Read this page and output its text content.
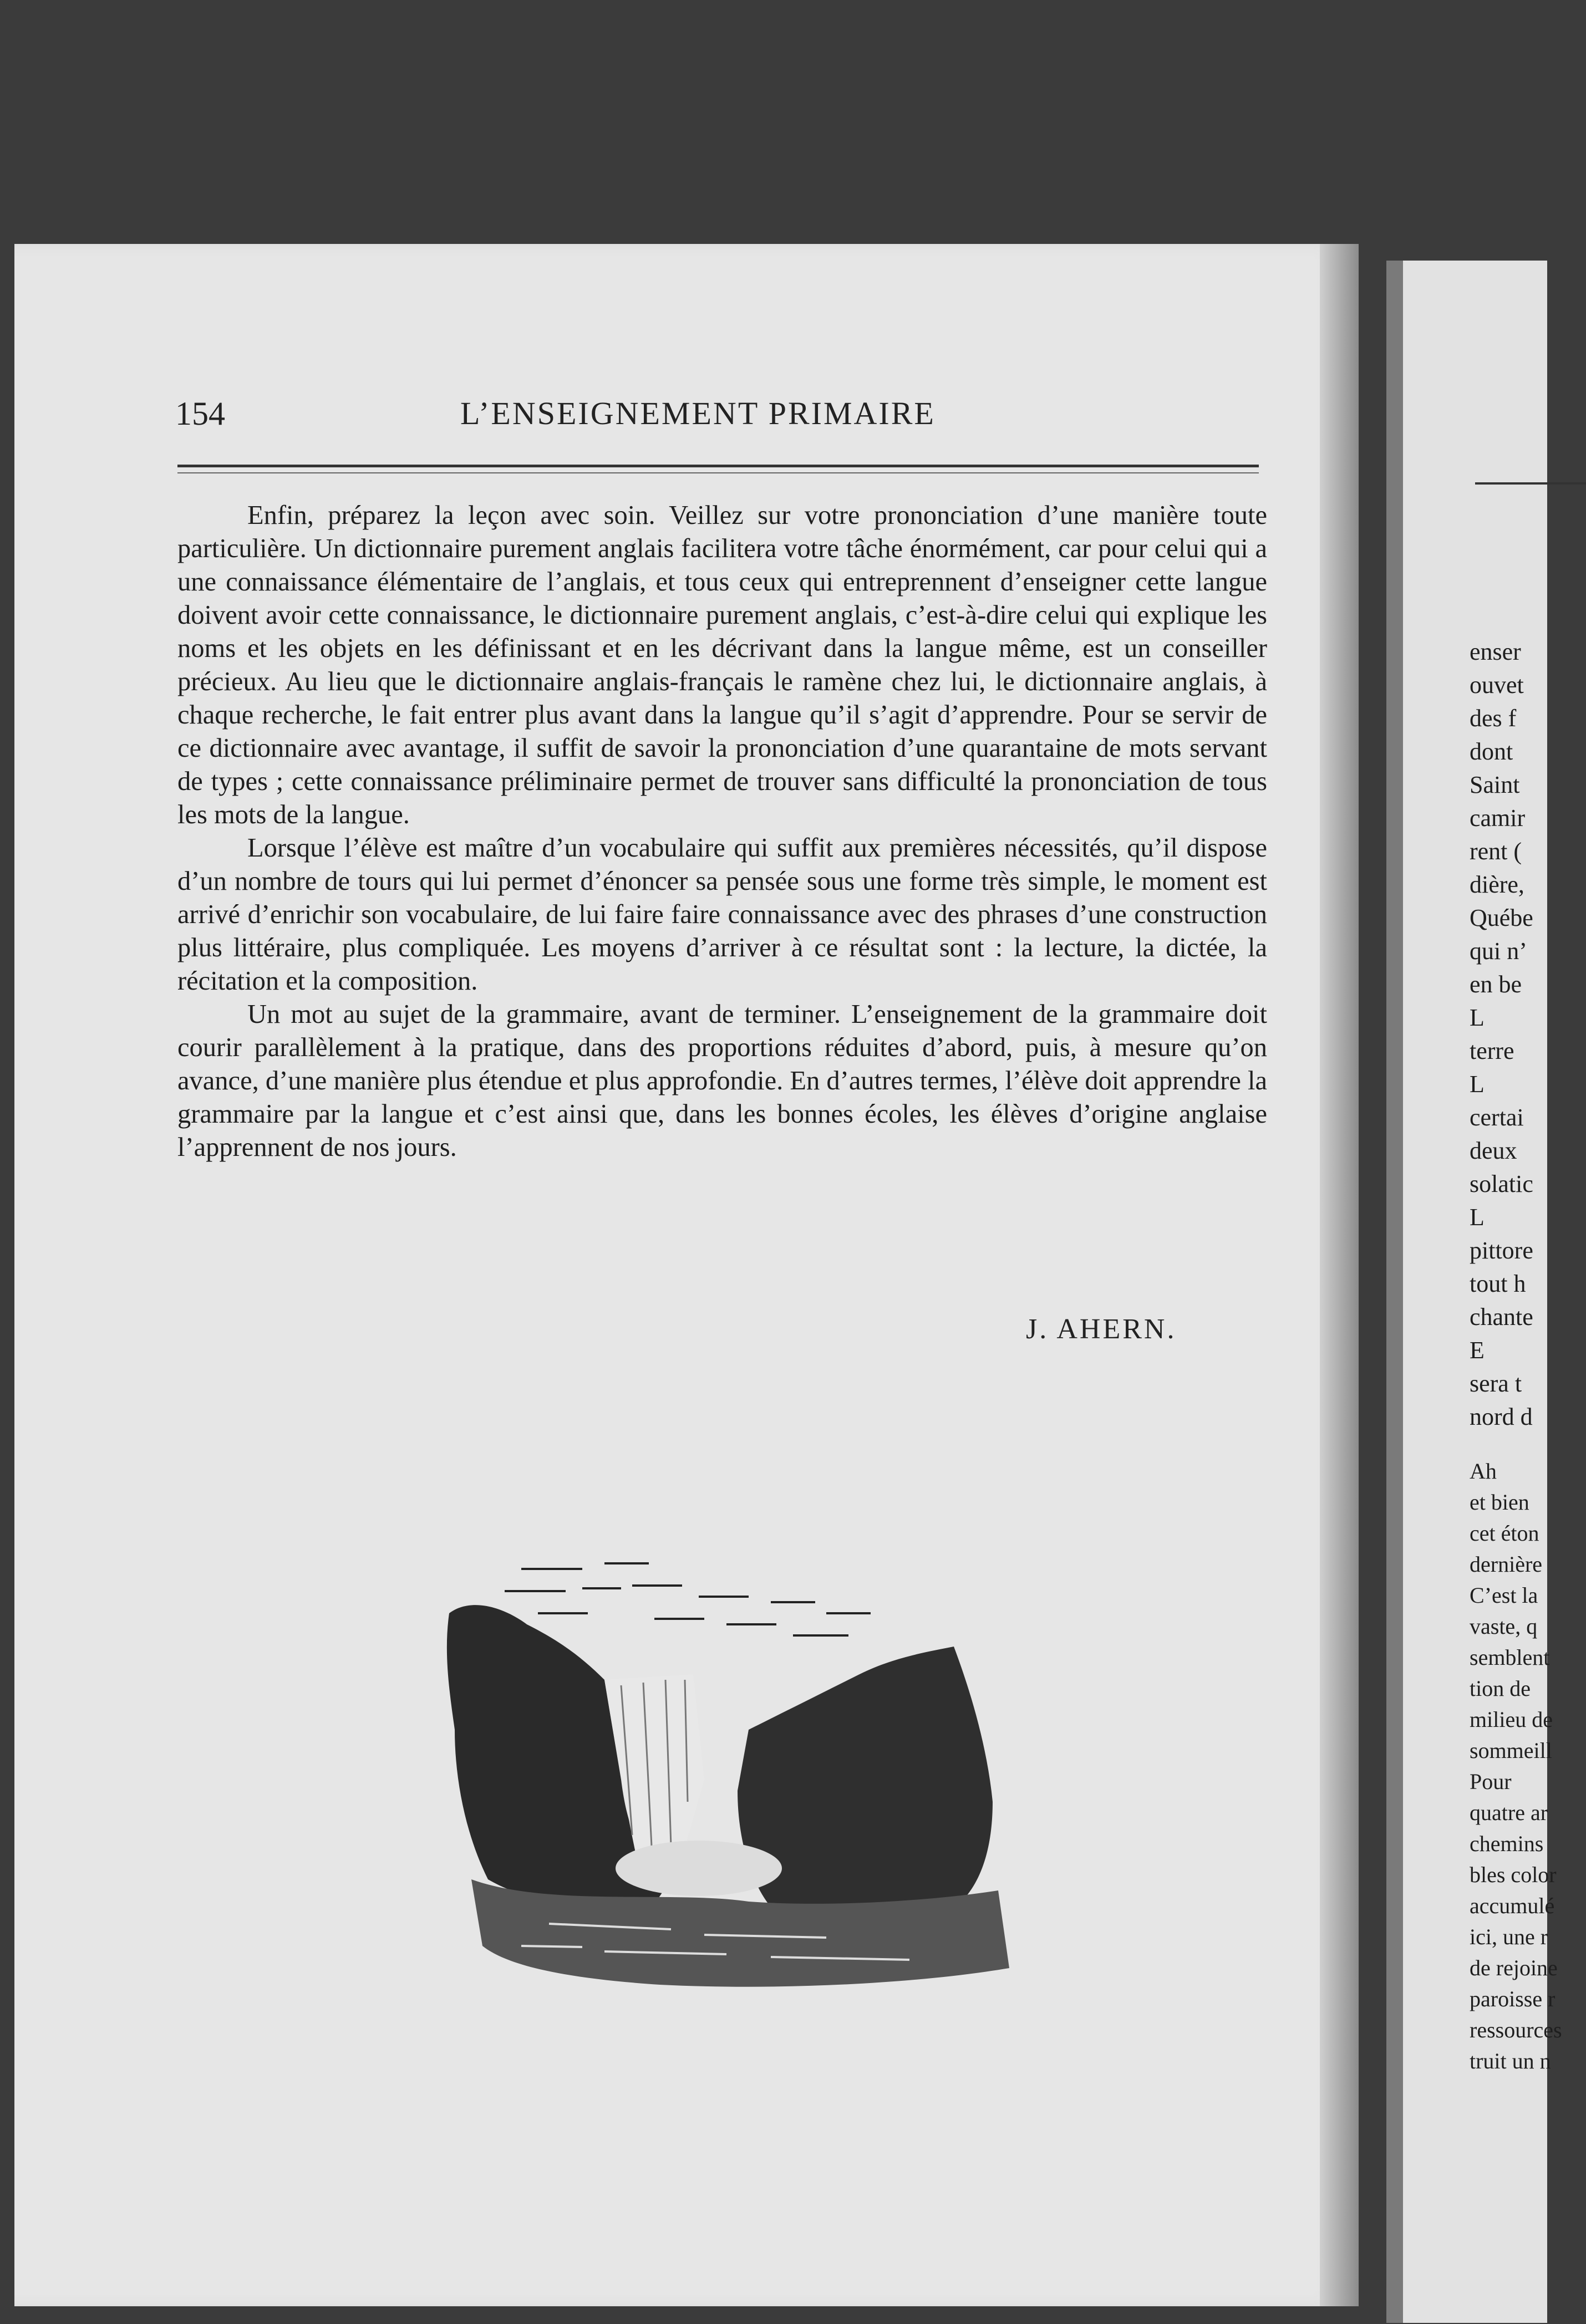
enser
ouvet
des f
dont
Saint
camir
rent (
dière,
Québe
qui n’
en be
L
terre
L
certai
deux
solatic
L
pittore
tout h
chante
E
sera t
nord d
Ah
et bien
cet éton
dernière
C’est la
vaste, q
semblent
tion de
milieu de
sommeill
Pour
quatre ar
chemins
bles color
accumulé
ici, une r
de rejoine
paroisse r
ressources
truit un n
154	L’ENSEIGNEMENT PRIMAIRE

Enfin, préparez la leçon avec soin. Veillez sur votre prononciation d’une manière toute particulière. Un dictionnaire purement anglais facilitera votre tâche énormément, car pour celui qui a une connaissance élémentaire de l’anglais, et tous ceux qui entreprennent d’enseigner cette langue doivent avoir cette connaissance, le dictionnaire purement anglais, c’est-à-dire celui qui explique les noms et les objets en les définissant et en les décrivant dans la langue même, est un conseiller précieux. Au lieu que le dictionnaire anglais-français le ramène chez lui, le dictionnaire anglais, à chaque recherche, le fait entrer plus avant dans la langue qu’il s’agit d’apprendre. Pour se servir de ce dictionnaire avec avantage, il suffit de savoir la prononciation d’une quarantaine de mots servant de types ; cette connaissance préliminaire permet de trouver sans difficulté la prononciation de tous les mots de la langue.

Lorsque l’élève est maître d’un vocabulaire qui suffit aux premières nécessités, qu’il dispose d’un nombre de tours qui lui permet d’énoncer sa pensée sous une forme très simple, le moment est arrivé d’enrichir son vocabulaire, de lui faire faire connaissance avec des phrases d’une construction plus littéraire, plus compliquée. Les moyens d’arriver à ce résultat sont : la lecture, la dictée, la récitation et la composition.

Un mot au sujet de la grammaire, avant de terminer. L’enseignement de la grammaire doit courir parallèlement à la pratique, dans des proportions réduites d’abord, puis, à mesure qu’on avance, d’une manière plus étendue et plus approfondie. En d’autres termes, l’élève doit apprendre la grammaire par la langue et c’est ainsi que, dans les bonnes écoles, les élèves d’origine anglaise l’apprennent de nos jours.

J. AHERN.
